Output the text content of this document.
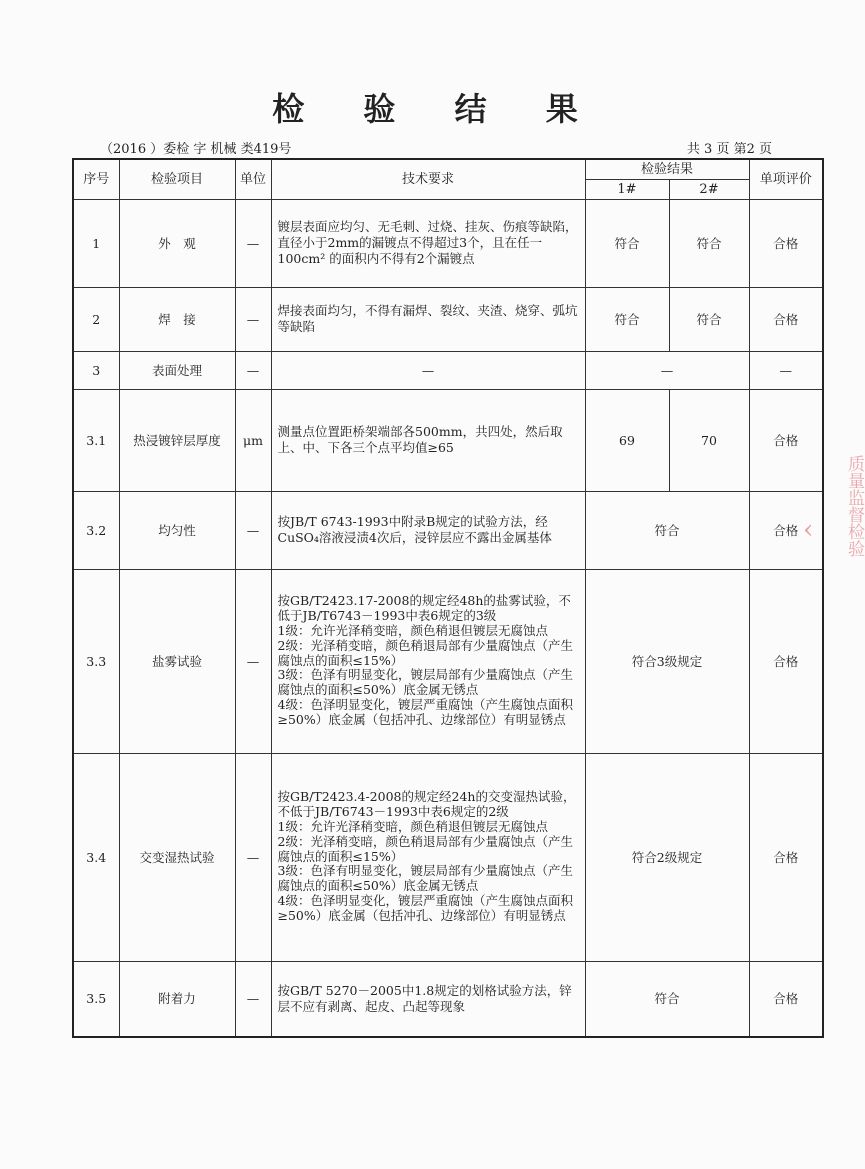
检 验 结 果
（2016 ）委检 字 机械 类419号	共 3 页 第2 页
序号	检验项目	单位	技术要求	检验结果		单项评价
				1#	2#	
1	外　观	—	镀层表面应均匀、无毛刺、过烧、挂灰、伤痕等缺陷，直径小于2mm的漏镀点不得超过3个，且在任一100cm² 的面积内不得有2个漏镀点	符合	符合	合格
2	焊　接	—	焊接表面均匀，不得有漏焊、裂纹、夹渣、烧穿、弧坑等缺陷	符合	符合	合格
3	表面处理	—	—	—		—
3.1	热浸镀锌层厚度	μm	测量点位置距桥架端部各500mm，共四处，然后取上、中、下各三个点平均值≥65	69	70	合格
3.2	均匀性	—	按JB/T 6743-1993中附录B规定的试验方法，经CuSO₄溶液浸渍4次后，浸锌层应不露出金属基体	符合		合格
3.3	盐雾试验	—	按GB/T2423.17-2008的规定经48h的盐雾试验，不低于JB/T6743－1993中表6规定的3级
1级：允许光泽稍变暗，颜色稍退但镀层无腐蚀点
2级：光泽稍变暗，颜色稍退局部有少量腐蚀点（产生腐蚀点的面积≤15%）
3级：色泽有明显变化，镀层局部有少量腐蚀点（产生腐蚀点的面积≤50%）底金属无锈点
4级：色泽明显变化，镀层严重腐蚀（产生腐蚀点面积≥50%）底金属（包括冲孔、边缘部位）有明显锈点	符合3级规定		合格
3.4	交变湿热试验	—	按GB/T2423.4-2008的规定经24h的交变湿热试验，不低于JB/T6743－1993中表6规定的2级
1级：允许光泽稍变暗，颜色稍退但镀层无腐蚀点
2级：光泽稍变暗，颜色稍退局部有少量腐蚀点（产生腐蚀点的面积≤15%）
3级：色泽有明显变化，镀层局部有少量腐蚀点（产生腐蚀点的面积≤50%）底金属无锈点
4级：色泽明显变化，镀层严重腐蚀（产生腐蚀点面积≥50%）底金属（包括冲孔、边缘部位）有明显锈点	符合2级规定		合格
3.5	附着力	—	按GB/T 5270－2005中1.8规定的划格试验方法，锌层不应有剥离、起皮、凸起等现象	符合		合格
质量监督检验
‹
